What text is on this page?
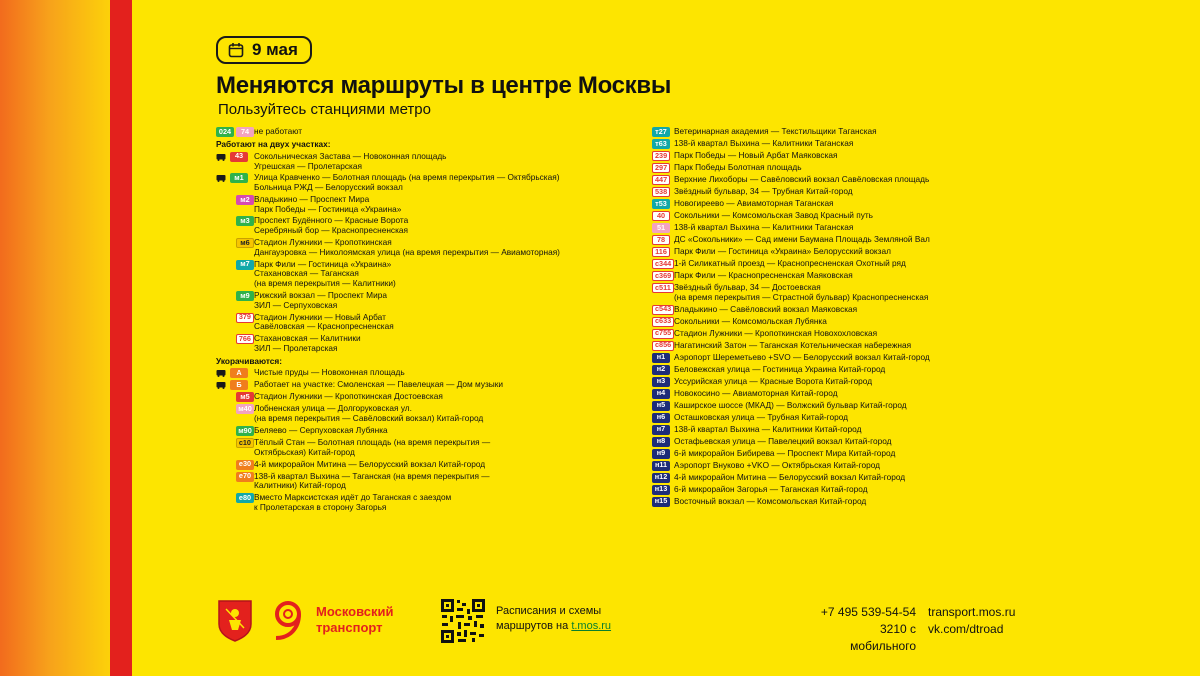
9 мая
Меняются маршруты в центре Москвы
Пользуйтесь станциями метро
024	74 не работают
Работают на двух участках:
43	Сокольническая Застава — Новоконная площадь
Угрешская — Пролетарская
м1	Улица Кравченко — Болотная площадь (на время перекрытия — Октябрьская)
Больница РЖД — Белорусский вокзал
м2 Владыкино — Проспект Мира
Парк Победы — Гостиница «Украина»
м3 Проспект Будённого — Красные Ворота
Серебряный бор — Краснопресненская
м6 Стадион Лужники — Кропоткинская
Дангауэровка — Николоямская улица (на время перекрытия — Авиамоторная)
м7 Парк Фили — Гостиница «Украина»
Стахановская — Таганская
(на время перекрытия — Калитники)
м9 Рижский вокзал — Проспект Мира
ЗИЛ — Серпуховская
379 Стадион Лужники — Новый Арбат
Савёловская — Краснопресненская
766 Стахановская — Калитники
ЗИЛ — Пролетарская
Укорачиваются:
А	Чистые пруды — Новоконная площадь
Б	Работает на участке: Смоленская — Павелецкая — Дом музыки
м5 Стадион Лужники — Кропоткинская Достоевская
м40 Лобненская улица — Долгоруковская ул.
(на время перекрытия — Савёловский вокзал) Китай-город
м90 Беляево — Серпуховская Лубянка
с10 Тёплый Стан — Болотная площадь (на время перекрытия —
Октябрьская) Китай-город
е30 4-й микрорайон Митина — Белорусский вокзал Китай-город
е70 138-й квартал Выхина — Таганская (на время перекрытия —
Калитники) Китай-город
е80 Вместо Марксистская идёт до Таганская с заездом
к Пролетарская в сторону Загорья
т27 Ветеринарная академия — Текстильщики Таганская
т63 138-й квартал Выхина — Калитники Таганская
239 Парк Победы — Новый Арбат Маяковская
297 Парк Победы Болотная площадь
447 Верхние Лихоборы — Савёловский вокзал Савёловская площадь
538 Звёздный бульвар, 34 — Трубная Китай-город
т53 Новогиреево — Авиамоторная Таганская
40	Сокольники — Комсомольская Завод Красный путь
51	138-й квартал Выхина — Калитники Таганская
78	ДС «Сокольники» — Сад имени Баумана Площадь Земляной Вал
116 Парк Фили — Гостиница «Украина» Белорусский вокзал
с344 1-й Силикатный проезд — Краснопресненская Охотный ряд
с369 Парк Фили — Краснопресненская Маяковская
с511 Звёздный бульвар, 34 — Достоевская
(на время перекрытия — Страстной бульвар) Краснопресненская
с543 Владыкино — Савёловский вокзал Маяковская
с633 Сокольники — Комсомольская Лубянка
с755 Стадион Лужники — Кропоткинская Новохохловская
с856 Нагатинский Затон — Таганская Котельническая набережная
н1	Аэропорт Шереметьево +SVO — Белорусский вокзал Китай-город
н2	Беловежская улица — Гостиница Украина Китай-город
н3	Уссурийская улица — Красные Ворота Китай-город
н4	Новокосино — Авиамоторная Китай-город
н5	Каширское шоссе (МКАД) — Волжский бульвар Китай-город
н6	Осташковская улица — Трубная Китай-город
н7	138-й квартал Выхина — Калитники Китай-город
н8	Остафьевская улица — Павелецкий вокзал Китай-город
н9	6-й микрорайон Бибирева — Проспект Мира Китай-город
н11 Аэропорт Внуково +VKO — Октябрьская Китай-город
н12 4-й микрорайон Митина — Белорусский вокзал Китай-город
н13 6-й микрорайон Загорья — Таганская Китай-город
н15 Восточный вокзал — Комсомольская Китай-город
Московский
транспорт
Расписания и схемы
маршрутов на t.mos.ru
+7 495 539-54-54
3210 с мобильного
transport.mos.ru
vk.com/dtroad
